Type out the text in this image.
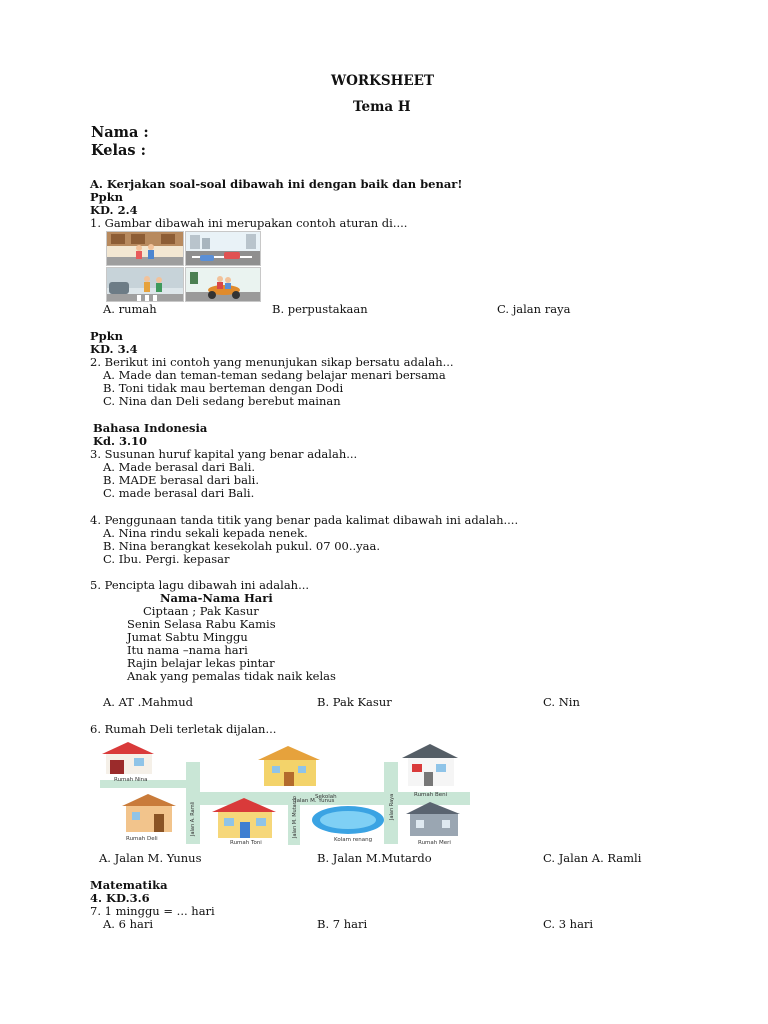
WORKSHEET
Tema H
Nama :
Kelas :
A. Kerjakan soal-soal dibawah ini dengan baik dan benar!
Ppkn
KD. 2.4
1. Gambar dibawah ini merupakan contoh aturan di....
A. rumah	B. perpustakaan	C. jalan raya
Ppkn
KD. 3.4
2. Berikut ini contoh yang menunjukan sikap bersatu adalah...
A. Made dan teman-teman sedang belajar menari bersama
B. Toni tidak mau berteman dengan Dodi
C. Nina dan Deli sedang berebut mainan
Bahasa Indonesia
Kd. 3.10
3. Susunan huruf kapital yang benar adalah...
A. Made berasal dari Bali.
B. MADE berasal dari bali.
C. made berasal dari Bali.
4. Penggunaan tanda titik yang benar pada kalimat dibawah ini adalah....
A. Nina rindu sekali kepada nenek.
B. Nina berangkat kesekolah pukul. 07 00..yaa.
C. Ibu. Pergi. kepasar
5. Pencipta lagu dibawah ini adalah...
Nama-Nama Hari
Ciptaan ; Pak Kasur
Senin Selasa Rabu Kamis
Jumat Sabtu Minggu
Itu nama –nama hari
Rajin belajar lekas pintar
Anak yang pemalas tidak naik kelas
A. AT .Mahmud	B. Pak Kasur	C. Nin
6. Rumah Deli terletak dijalan...
Jalan M. Yunus
Jalan A. Ramli	Jalan M. Mutardo	Jalan Raya
Rumah Nina
Sekolah	Rumah Beni
Rumah Deli
Rumah Toni	Kolam renang	Rumah Meri
A. Jalan M. Yunus	B. Jalan M.Mutardo	C. Jalan A. Ramli
Matematika
4. KD.3.6
7. 1 minggu = ... hari
A. 6 hari	B. 7 hari	C. 3 hari
